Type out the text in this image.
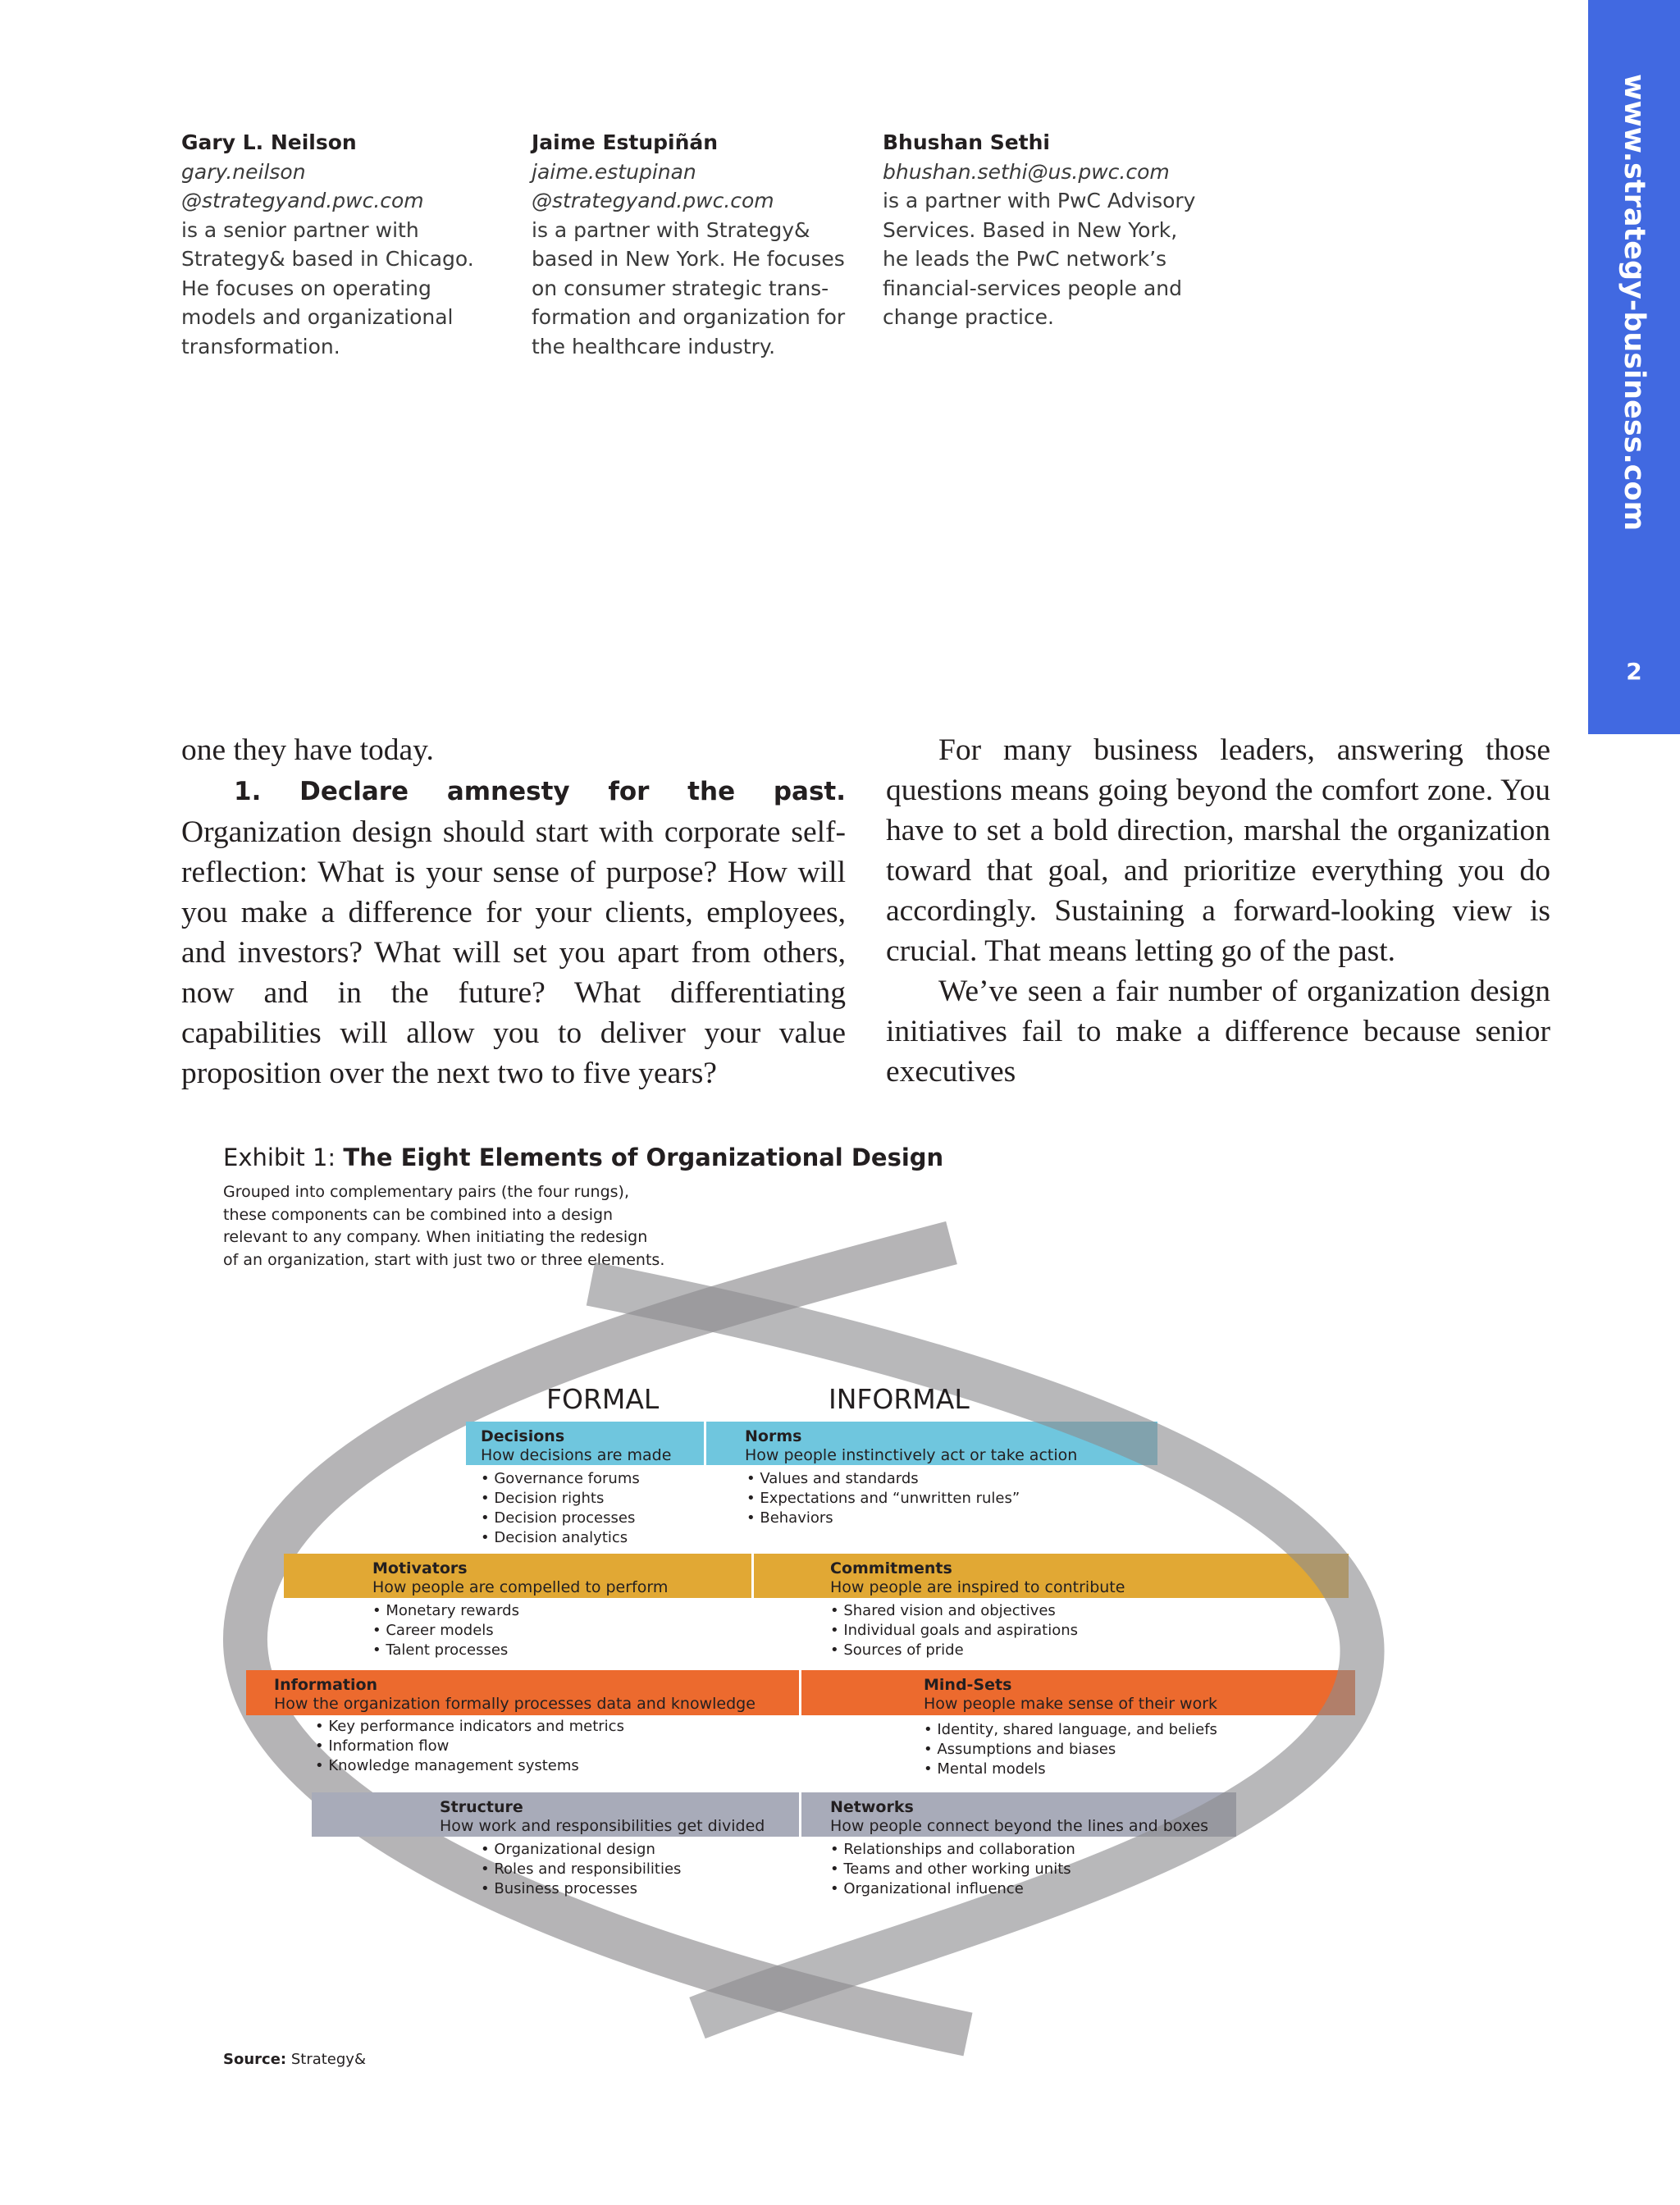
www.strategy-business.com
2
Gary L. Neilson
gary.neilson
@strategyand.pwc.com
is a senior partner with
Strategy& based in Chicago.
He focuses on operating
models and organizational
transformation.
Jaime Estupiñán
jaime.estupinan
@strategyand.pwc.com
is a partner with Strategy&
based in New York. He focuses
on consumer strategic trans-
formation and organization for
the healthcare industry.
Bhushan Sethi
bhushan.sethi@us.pwc.com
is a partner with PwC Advisory
Services. Based in New York,
he leads the PwC network’s
financial-services people and
change practice.

one they have today.

1. Declare amnesty for the past. Organization design should start with corporate self-reflection: What is your sense of purpose? How will you make a difference for your clients, employees, and investors? What will set you apart from others, now and in the future? What differentiating capabilities will allow you to deliver your value proposition over the next two to five years?

For many business leaders, answering those questions means going beyond the comfort zone. You have to set a bold direction, marshal the organization toward that goal, and prioritize everything you do accordingly. Sustaining a forward-looking view is crucial. That means letting go of the past.

We’ve seen a fair number of organization design initiatives fail to make a difference because senior executives

Exhibit 1: The Eight Elements of Organizational Design
Grouped into complementary pairs (the four rungs), these components can be combined into a design relevant to any company. When initiating the redesign of an organization, start with just two or three elements.
FORMAL	INFORMAL
Decisions
How decisions are made
Norms
How people instinctively act or take action
• Governance forums
• Decision rights
• Decision processes
• Decision analytics
• Values and standards
• Expectations and “unwritten rules”
• Behaviors
Motivators
How people are compelled to perform
Commitments
How people are inspired to contribute
• Monetary rewards
• Career models
• Talent processes
• Shared vision and objectives
• Individual goals and aspirations
• Sources of pride
Information
How the organization formally processes data and knowledge
Mind-Sets
How people make sense of their work
• Key performance indicators and metrics
• Information flow
• Knowledge management systems
• Identity, shared language, and beliefs
• Assumptions and biases
• Mental models
Structure
How work and responsibilities get divided
Networks
How people connect beyond the lines and boxes
• Organizational design
• Roles and responsibilities
• Business processes
• Relationships and collaboration
• Teams and other working units
• Organizational influence
Source: Strategy&
